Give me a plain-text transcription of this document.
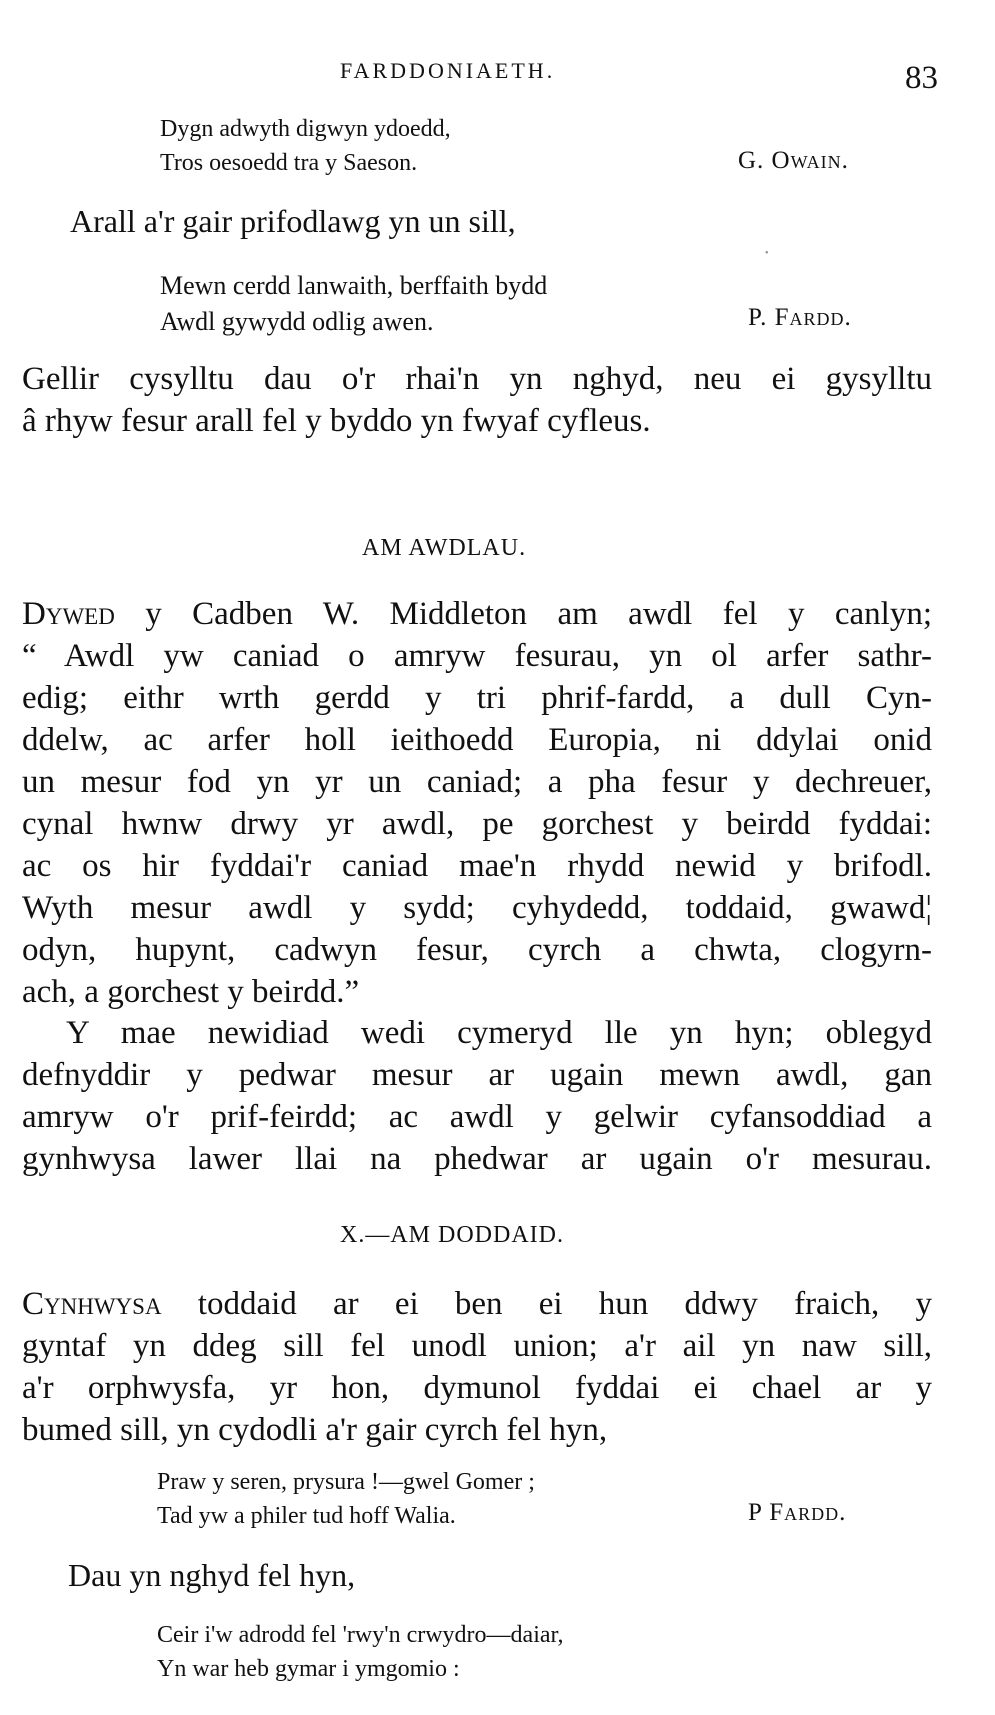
FARDDONIAETH.	83
Dygn adwyth digwyn ydoedd,
Tros oesoedd tra y Saeson.	G. Owain.
Arall a'r gair prifodlawg yn un sill,
•
Mewn cerdd lanwaith, berffaith bydd
Awdl gywydd odlig awen.	P. Fardd.
Gellir cysylltu dau o'r rhai'n yn nghyd, neu ei gysylltu
â rhyw fesur arall fel y byddo yn fwyaf cyfleus.
AM AWDLAU.
Dywed y Cadben W. Middleton am awdl fel y canlyn;
“ Awdl yw caniad o amryw fesurau, yn ol arfer sathr-
edig; eithr wrth gerdd y tri phrif-fardd, a dull Cyn-
ddelw, ac arfer holl ieithoedd Europia, ni ddylai onid
un mesur fod yn yr un caniad; a pha fesur y dechreuer,
cynal hwnw drwy yr awdl, pe gorchest y beirdd fyddai:
ac os hir fyddai'r caniad mae'n rhydd newid y brifodl.
Wyth mesur awdl y sydd; cyhydedd, toddaid, gwawd¦
odyn, hupynt, cadwyn fesur, cyrch a chwta, clogyrn-
ach, a gorchest y beirdd.”
Y mae newidiad wedi cymeryd lle yn hyn; oblegyd
defnyddir y pedwar mesur ar ugain mewn awdl, gan
amryw o'r prif-feirdd; ac awdl y gelwir cyfansoddiad a
gynhwysa lawer llai na phedwar ar ugain o'r mesurau.
X.—AM DODDAID.
Cynhwysa toddaid ar ei ben ei hun ddwy fraich, y
gyntaf yn ddeg sill fel unodl union; a'r ail yn naw sill,
a'r orphwysfa, yr hon, dymunol fyddai ei chael ar y
bumed sill, yn cydodli a'r gair cyrch fel hyn,
Praw y seren, prysura !—gwel Gomer ;
Tad yw a philer tud hoff Walia.	P Fardd.
Dau yn nghyd fel hyn,
Ceir i'w adrodd fel 'rwy'n crwydro—daiar,
Yn war heb gymar i ymgomio :
